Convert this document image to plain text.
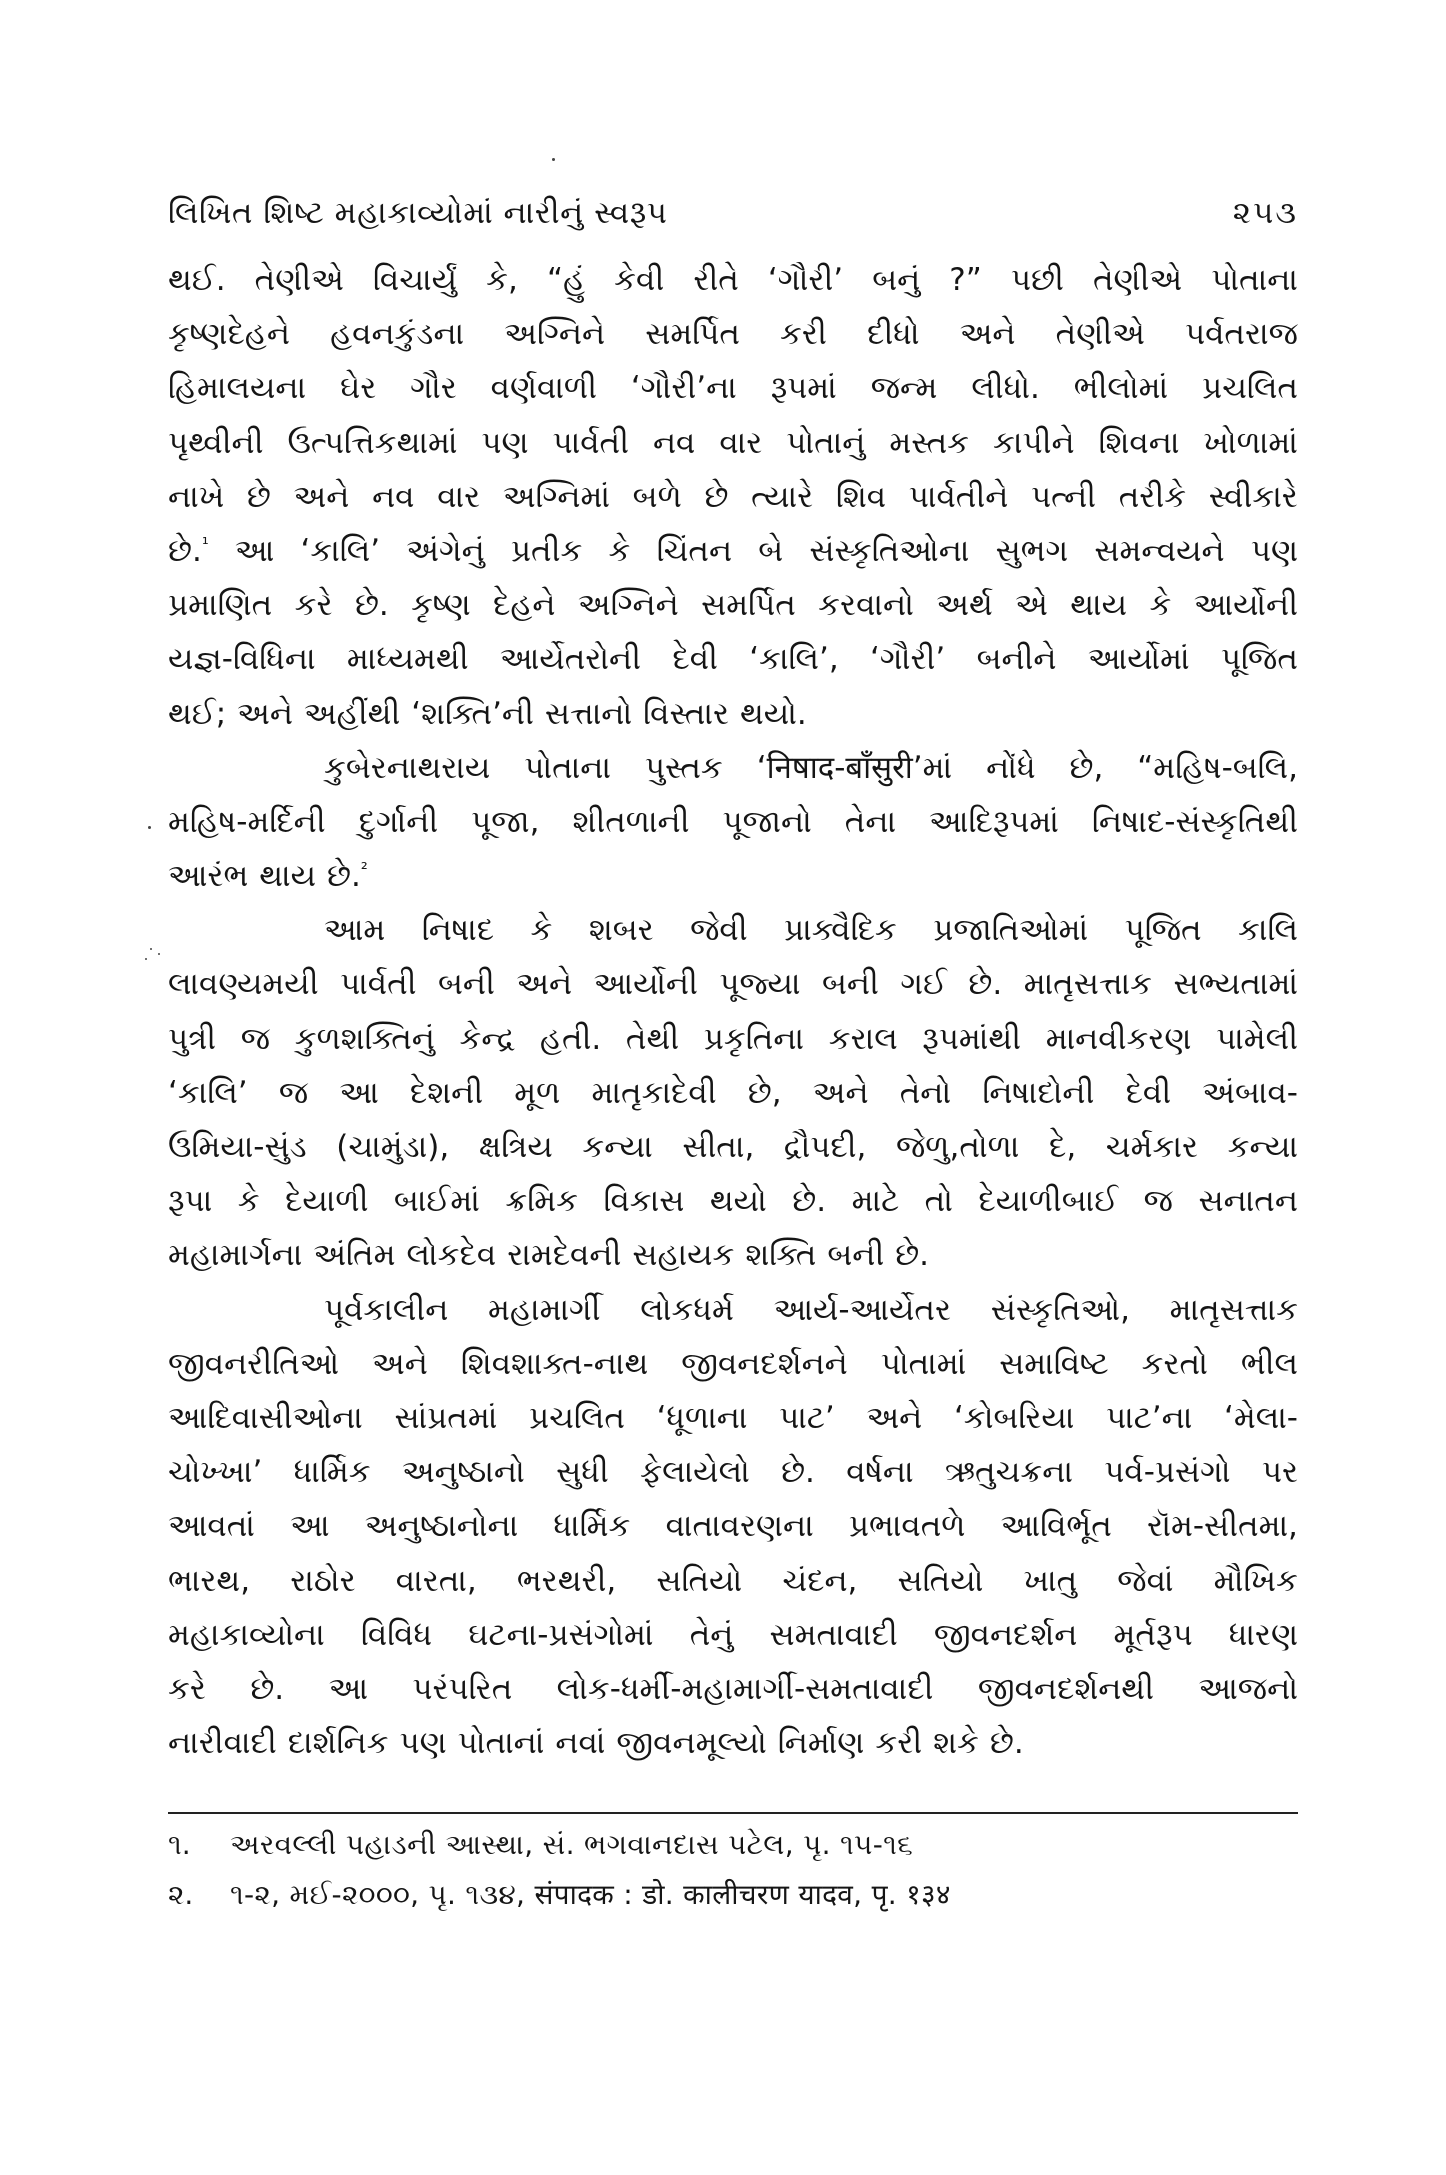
લિખિત શિષ્ટ મહાકાવ્યોમાં નારીનું સ્વરૂપ	૨૫૩
થઈ. તેણીએ વિચાર્યું કે, “હું કેવી રીતે ‘ગૌરી’ બનું ?” પછી તેણીએ પોતાના
કૃષ્ણદેહને હવનકુંડના અગ્નિને સમર્પિત કરી દીધો અને તેણીએ પર્વતરાજ
હિમાલયના ઘેર ગૌર વર્ણવાળી ‘ગૌરી’ના રૂપમાં જન્મ લીધો. ભીલોમાં પ્રચલિત
પૃથ્વીની ઉત્પત્તિકથામાં પણ પાર્વતી નવ વાર પોતાનું મસ્તક કાપીને શિવના ખોળામાં
નાખે છે અને નવ વાર અગ્નિમાં બળે છે ત્યારે શિવ પાર્વતીને પત્ની તરીકે સ્વીકારે
છે.$^{^1}$ આ ‘કાલિ’ અંગેનું પ્રતીક કે ચિંતન બે સંસ્કૃતિઓના સુભગ સમન્વયને પણ
પ્રમાણિત કરે છે. કૃષ્ણ દેહને અગ્નિને સમર્પિત કરવાનો અર્થ એ થાય કે આર્યોની
યજ્ઞ-વિધિના માધ્યમથી આર્યેતરોની દેવી ‘કાલિ’, ‘ગૌરી’ બનીને આર્યોમાં પૂજિત
થઈ; અને અહીંથી ‘શક્તિ’ની સત્તાનો વિસ્તાર થયો.
કુબેરનાથરાય પોતાના પુસ્તક ‘निषाद-बाँसुरी’માં નોંધે છે, “મહિષ-બલિ,
મહિષ-મર્દિની દુર્ગાની પૂજા, શીતળાની પૂજાનો તેના આદિરૂપમાં નિષાદ-સંસ્કૃતિથી
આરંભ થાય છે.$^{^2}$
આમ નિષાદ કે શબર જેવી પ્રાક્વૈદિક પ્રજાતિઓમાં પૂજિત કાલિ
લાવણ્યમયી પાર્વતી બની અને આર્યોની પૂજ્યા બની ગઈ છે. માતૃસત્તાક સભ્યતામાં
પુત્રી જ કુળશક્તિનું કેન્દ્ર હતી. તેથી પ્રકૃતિના કરાલ રૂપમાંથી માનવીકરણ પામેલી
‘કાલિ’ જ આ દેશની મૂળ માતૃકાદેવી છે, અને તેનો નિષાદોની દેવી અંબાવ-
ઉમિયા-સુંડ (ચામુંડા), ક્ષત્રિય કન્યા સીતા, દ્રૌપદી, જેળુ,તોળા દે, ચર્મકાર કન્યા
રૂપા કે દેયાળી બાઈમાં ક્રમિક વિકાસ થયો છે. માટે તો દેયાળીબાઈ જ સનાતન
મહામાર્ગના અંતિમ લોકદેવ રામદેવની સહાયક શક્તિ બની છે.
પૂર્વકાલીન મહામાર્ગી લોકધર્મ આર્ય-આર્યેતર સંસ્કૃતિઓ, માતૃસત્તાક
જીવનરીતિઓ અને શિવશાક્ત-નાથ જીવનદર્શનને પોતામાં સમાવિષ્ટ કરતો ભીલ
આદિવાસીઓના સાંપ્રતમાં પ્રચલિત ‘ધૂળાના પાટ’ અને ‘કોબરિયા પાટ’ના ‘મેલા-
ચોખ્ખા’ ધાર્મિક અનુષ્ઠાનો સુધી ફેલાયેલો છે. વર્ષના ઋતુચક્રના પર્વ-પ્રસંગો પર
આવતાં આ અનુષ્ઠાનોના ધાર્મિક વાતાવરણના પ્રભાવતળે આવિર્ભૂત રૉમ-સીતમા,
ભારથ, રાઠોર વારતા, ભરથરી, સતિયો ચંદન, સતિયો ખાતુ જેવાં મૌખિક
મહાકાવ્યોના વિવિધ ઘટના-પ્રસંગોમાં તેનું સમતાવાદી જીવનદર્શન મૂર્તરૂપ ધારણ
કરે છે. આ પરંપરિત લોક-ધર્મી-મહામાર્ગી-સમતાવાદી જીવનદર્શનથી આજનો
નારીવાદી દાર્શનિક પણ પોતાનાં નવાં જીવનમૂલ્યો નિર્માણ કરી શકે છે.
૧.	અરવલ્લી પહાડની આસ્થા, સં. ભગવાનદાસ પટેલ, પૃ. ૧૫-૧૬
૨.	૧-૨, મઈ-૨૦૦૦, પૃ. ૧૩૪, संपादक : डो. कालीचरण यादव, पृ. १३४
